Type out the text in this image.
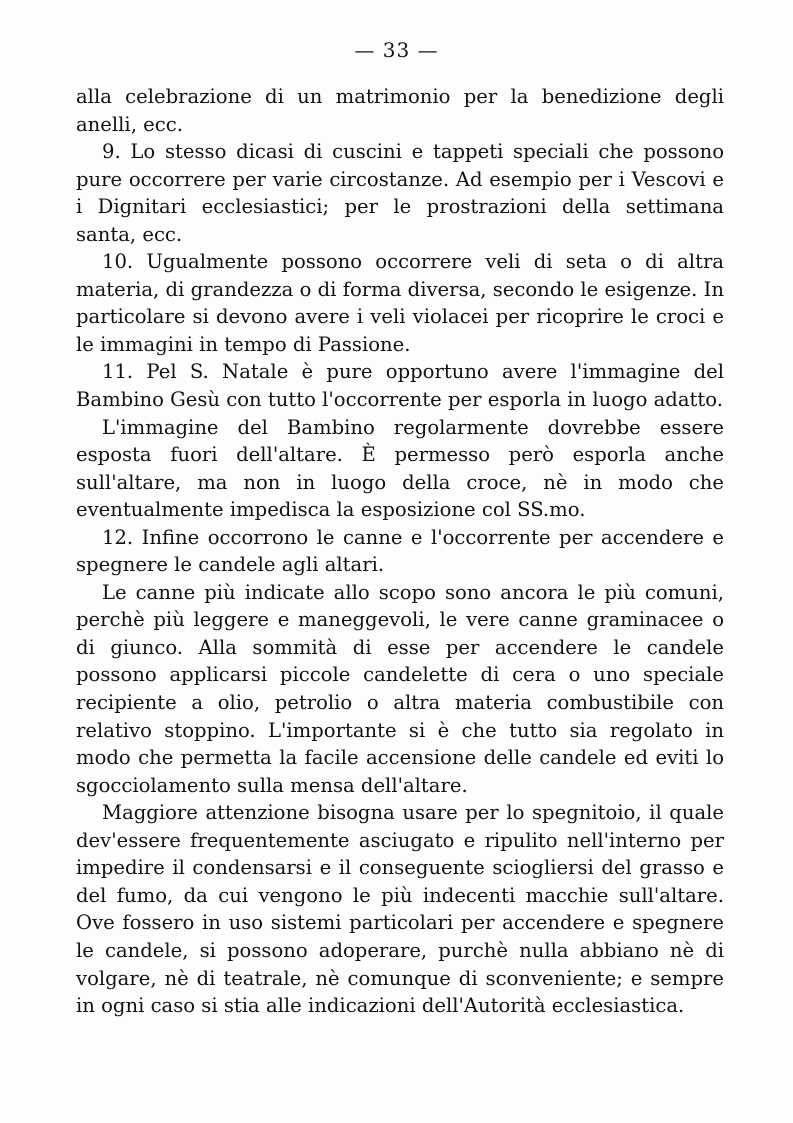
— 33 —

alla celebrazione di un matrimonio per la benedizione degli anelli, ecc.

9. Lo stesso dicasi di cuscini e tappeti speciali che possono pure occorrere per varie circostanze. Ad esempio per i Vescovi e i Dignitari ecclesiastici; per le prostrazioni della settimana santa, ecc.

10. Ugualmente possono occorrere veli di seta o di altra materia, di grandezza o di forma diversa, secondo le esigenze. In particolare si devono avere i veli violacei per ricoprire le croci e le immagini in tempo di Passione.

11. Pel S. Natale è pure opportuno avere l'immagine del Bambino Gesù con tutto l'occorrente per esporla in luogo adatto.

L'immagine del Bambino regolarmente dovrebbe essere esposta fuori dell'altare. È permesso però esporla anche sull'altare, ma non in luogo della croce, nè in modo che eventualmente impedisca la esposizione col SS.mo.

12. Infine occorrono le canne e l'occorrente per accendere e spegnere le candele agli altari.

Le canne più indicate allo scopo sono ancora le più comuni, perchè più leggere e maneggevoli, le vere canne graminacee o di giunco. Alla sommità di esse per accendere le candele possono applicarsi piccole candelette di cera o uno speciale recipiente a olio, petrolio o altra materia combustibile con relativo stoppino. L'importante si è che tutto sia regolato in modo che permetta la facile accensione delle candele ed eviti lo sgocciolamento sulla mensa dell'altare.

Maggiore attenzione bisogna usare per lo spegnitoio, il quale dev'essere frequentemente asciugato e ripulito nell'interno per impedire il condensarsi e il conseguente sciogliersi del grasso e del fumo, da cui vengono le più indecenti macchie sull'altare. Ove fossero in uso sistemi particolari per accendere e spegnere le candele, si possono adoperare, purchè nulla abbiano nè di volgare, nè di teatrale, nè comunque di sconveniente; e sempre in ogni caso si stia alle indicazioni dell'Autorità ecclesiastica.
